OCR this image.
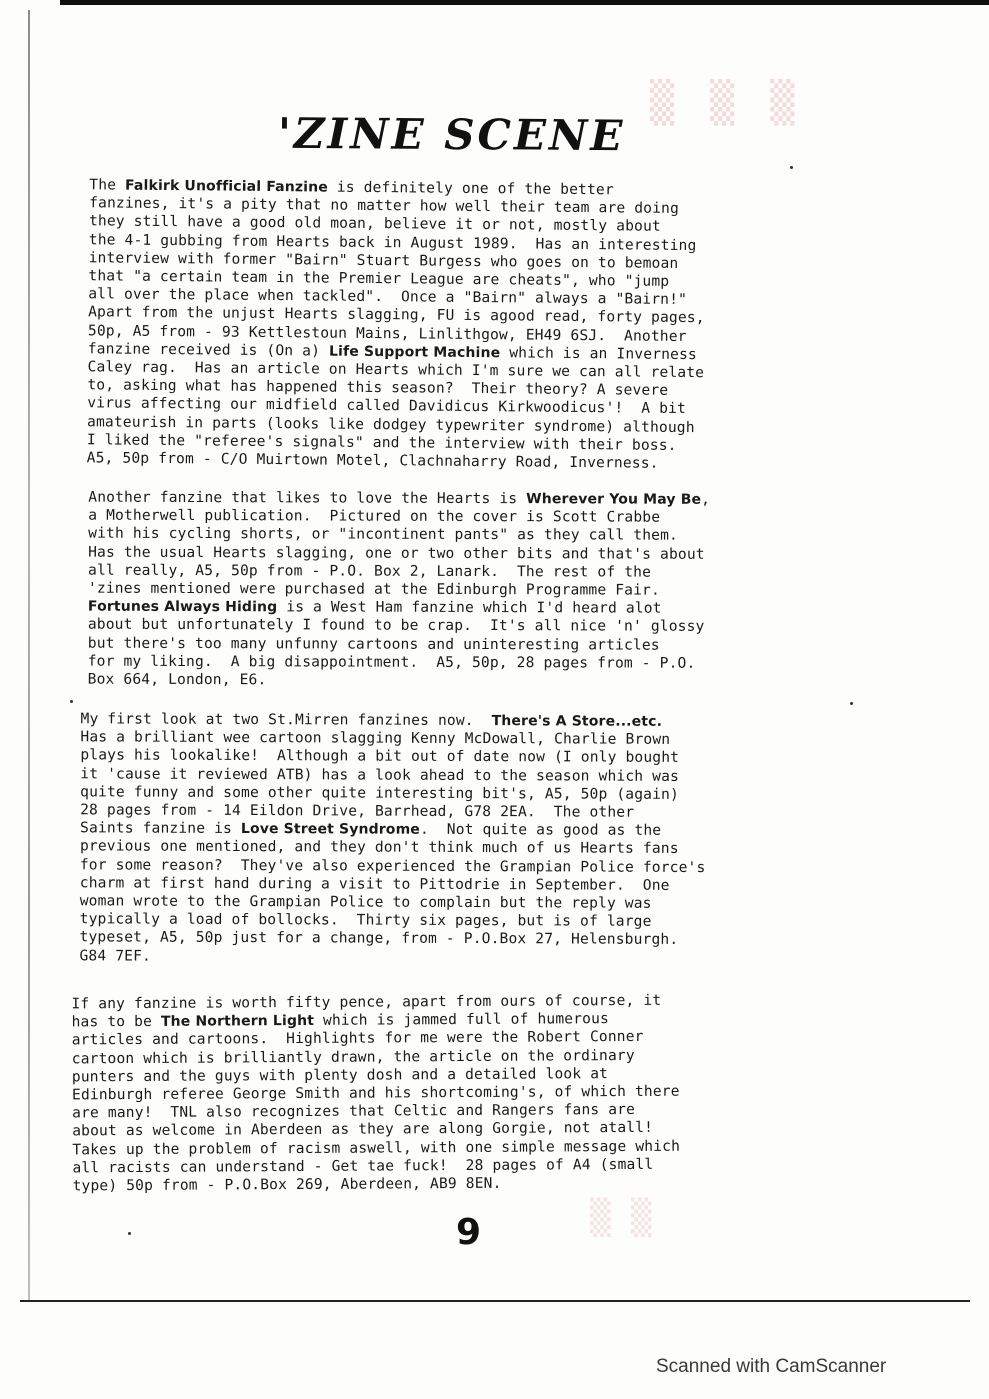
▒ ▒ ▒
▒ ▒
'ZINE SCENE
The Falkirk Unofficial Fanzine is definitely one of the better
fanzines, it's a pity that no matter how well their team are doing
they still have a good old moan, believe it or not, mostly about
the 4-1 gubbing from Hearts back in August 1989.  Has an interesting
interview with former "Bairn" Stuart Burgess who goes on to bemoan
that "a certain team in the Premier League are cheats", who "jump
all over the place when tackled".  Once a "Bairn" always a "Bairn!"
Apart from the unjust Hearts slagging, FU is agood read, forty pages,
50p, A5 from - 93 Kettlestoun Mains, Linlithgow, EH49 6SJ.  Another
fanzine received is (On a) Life Support Machine which is an Inverness
Caley rag.  Has an article on Hearts which I'm sure we can all relate
to, asking what has happened this season?  Their theory? A severe
virus affecting our midfield called Davidicus Kirkwoodicus'!  A bit
amateurish in parts (looks like dodgey typewriter syndrome) although
I liked the "referee's signals" and the interview with their boss.
A5, 50p from - C/O Muirtown Motel, Clachnaharry Road, Inverness.
Another fanzine that likes to love the Hearts is Wherever You May Be,
a Motherwell publication.  Pictured on the cover is Scott Crabbe
with his cycling shorts, or "incontinent pants" as they call them.
Has the usual Hearts slagging, one or two other bits and that's about
all really, A5, 50p from - P.O. Box 2, Lanark.  The rest of the
'zines mentioned were purchased at the Edinburgh Programme Fair.
Fortunes Always Hiding is a West Ham fanzine which I'd heard alot
about but unfortunately I found to be crap.  It's all nice 'n' glossy
but there's too many unfunny cartoons and uninteresting articles
for my liking.  A big disappointment.  A5, 50p, 28 pages from - P.O.
Box 664, London, E6.
My first look at two St.Mirren fanzines now.  There's A Store...etc.
Has a brilliant wee cartoon slagging Kenny McDowall, Charlie Brown
plays his lookalike!  Although a bit out of date now (I only bought
it 'cause it reviewed ATB) has a look ahead to the season which was
quite funny and some other quite interesting bit's, A5, 50p (again)
28 pages from - 14 Eildon Drive, Barrhead, G78 2EA.  The other
Saints fanzine is Love Street Syndrome.  Not quite as good as the
previous one mentioned, and they don't think much of us Hearts fans
for some reason?  They've also experienced the Grampian Police force's
charm at first hand during a visit to Pittodrie in September.  One
woman wrote to the Grampian Police to complain but the reply was
typically a load of bollocks.  Thirty six pages, but is of large
typeset, A5, 50p just for a change, from - P.O.Box 27, Helensburgh.
G84 7EF.
If any fanzine is worth fifty pence, apart from ours of course, it
has to be The Northern Light which is jammed full of humerous
articles and cartoons.  Highlights for me were the Robert Conner
cartoon which is brilliantly drawn, the article on the ordinary
punters and the guys with plenty dosh and a detailed look at
Edinburgh referee George Smith and his shortcoming's, of which there
are many!  TNL also recognizes that Celtic and Rangers fans are
about as welcome in Aberdeen as they are along Gorgie, not atall!
Takes up the problem of racism aswell, with one simple message which
all racists can understand - Get tae fuck!  28 pages of A4 (small
type) 50p from - P.O.Box 269, Aberdeen, AB9 8EN.
9
Scanned with CamScanner
